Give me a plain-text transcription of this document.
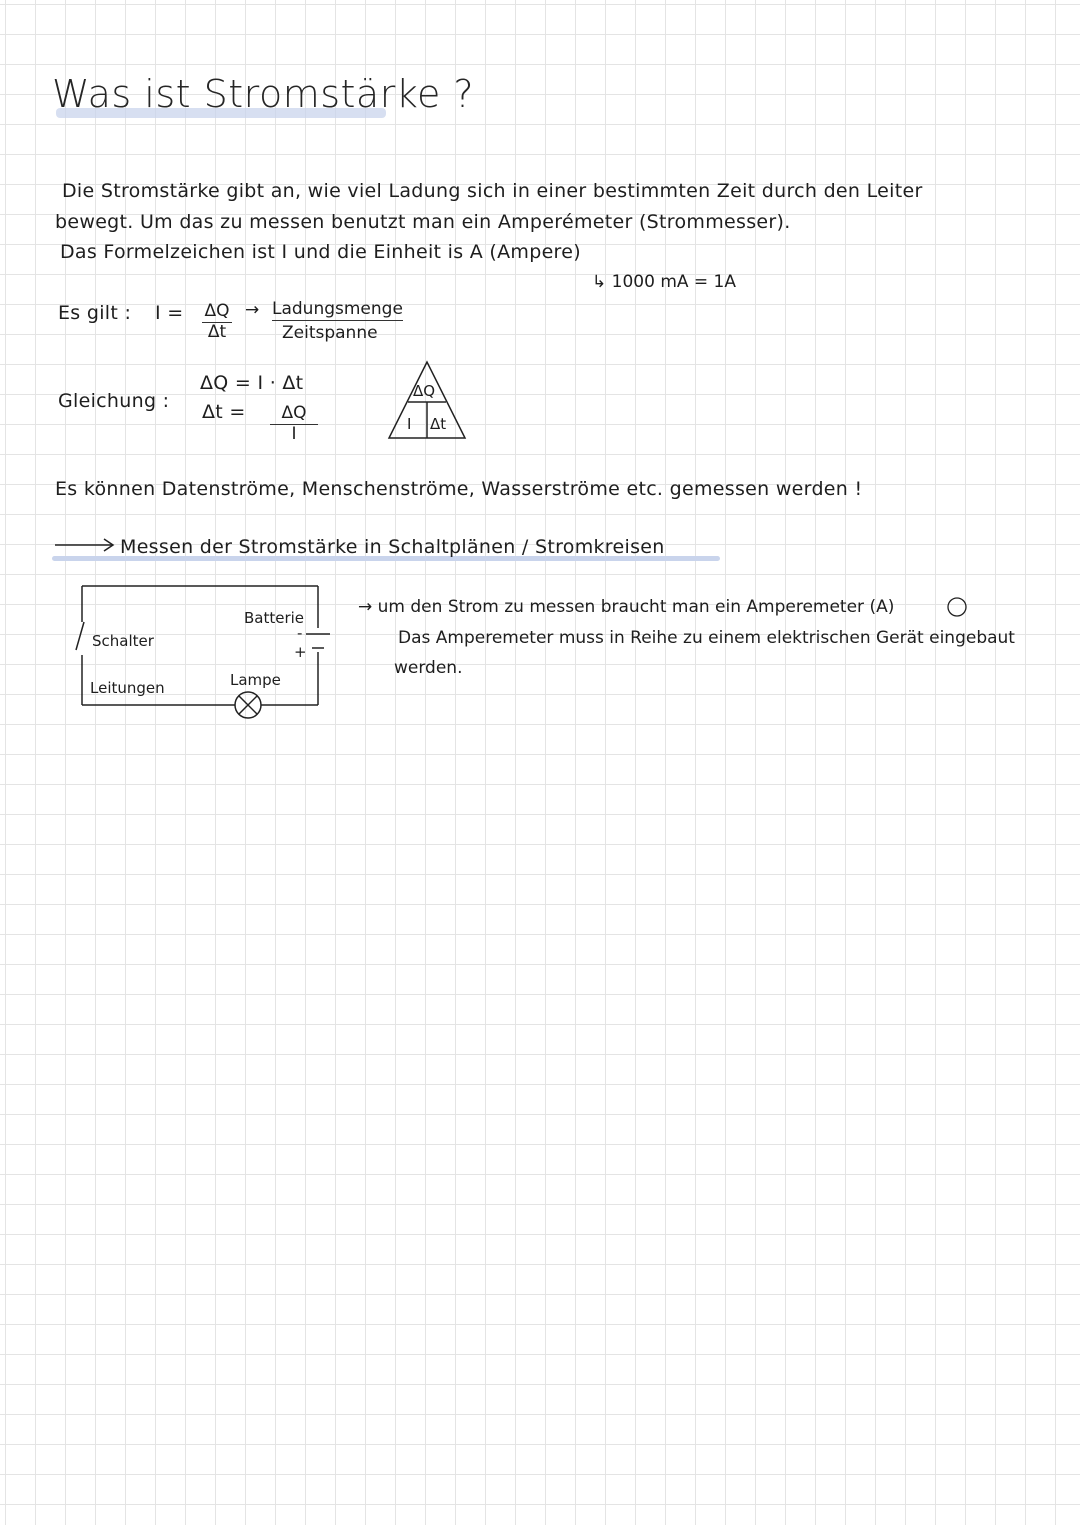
Was ist Stromstärke ?
Die Stromstärke gibt an, wie viel Ladung sich in einer bestimmten Zeit durch den Leiter
bewegt. Um das zu messen benutzt man ein Amperémeter (Strommesser).
Das Formelzeichen ist I und die Einheit is A (Ampere)
↳ 1000 mA = 1A
Es gilt : I = ΔQ
Δt
→ Ladungsmenge
Zeitspanne
Gleichung :
ΔQ = I · Δt
Δt =	ΔQ
I
ΔQ
I Δt
Es können Datenströme, Menschenströme, Wasserströme etc. gemessen werden !
Messen der Stromstärke in Schaltplänen / Stromkreisen
Schalter
Leitungen
Batterie
Lampe
-
+
→ um den Strom zu messen braucht man ein Amperemeter (A)
Das Amperemeter muss in Reihe zu einem elektrischen Gerät eingebaut
werden.
